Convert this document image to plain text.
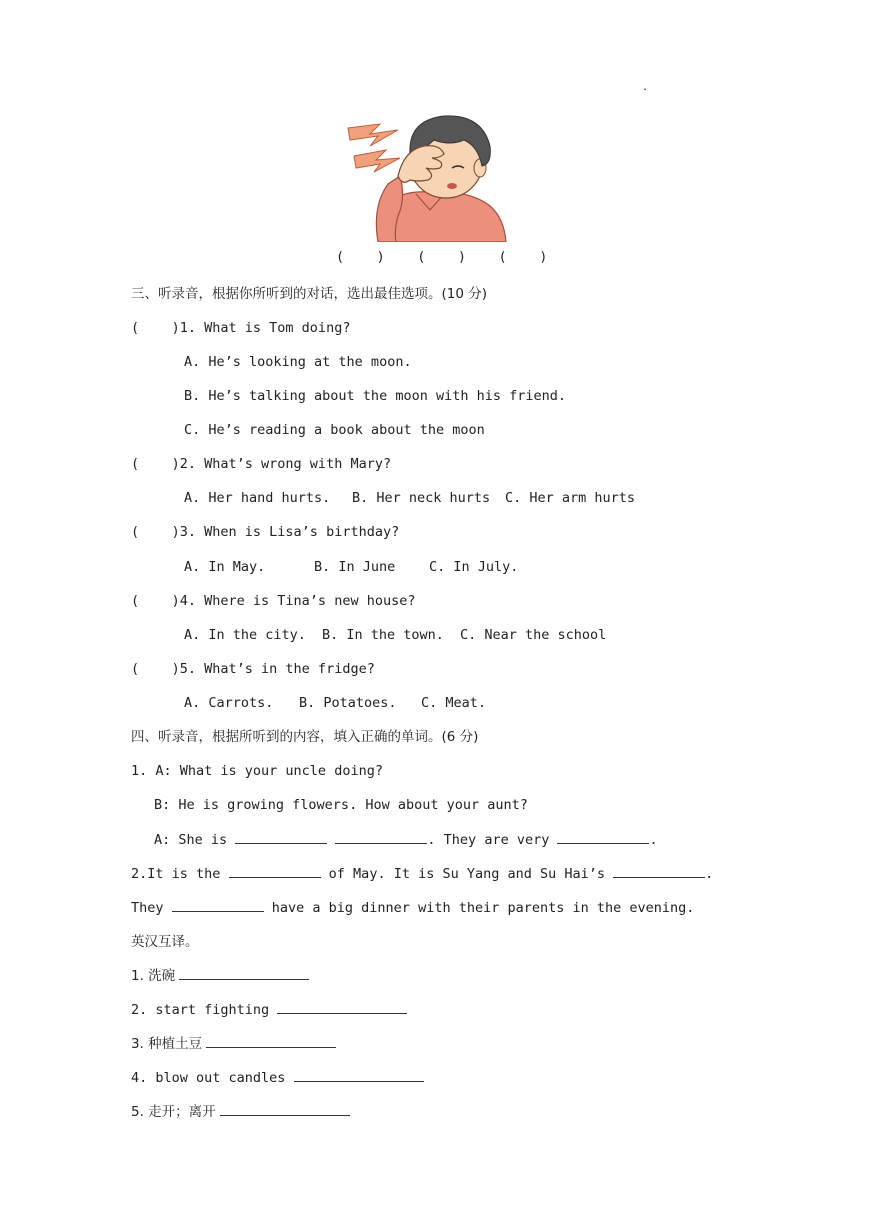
.
(    )    (    )    (    )
三、听录音，根据你所听到的对话，选出最佳选项。(10 分)
(    )1. What is Tom doing?
A. He’s looking at the moon.
B. He’s talking about the moon with his friend.
C. He’s reading a book about the moon
(    )2. What’s wrong with Mary?
A. Her hand hurts. B. Her neck hurts C. Her arm hurts
(    )3. When is Lisa’s birthday?
A. In May.	B. In June C. In July.
(    )4. Where is Tina’s new house?
A. In the city. B. In the town. C. Near the school
(    )5. What’s in the fridge?
A. Carrots. B. Potatoes. C. Meat.
四、听录音，根据所听到的内容，填入正确的单词。(6 分)
1. A: What is your uncle doing?
B: He is growing flowers. How about your aunt?
A: She is	. They are very	.
2.It is the	of May. It is Su Yang and Su Hai’s	.
They	have a big dinner with their parents in the evening.
英汉互译。
1. 洗碗
2. start fighting
3. 种植土豆
4. blow out candles
5. 走开；离开
